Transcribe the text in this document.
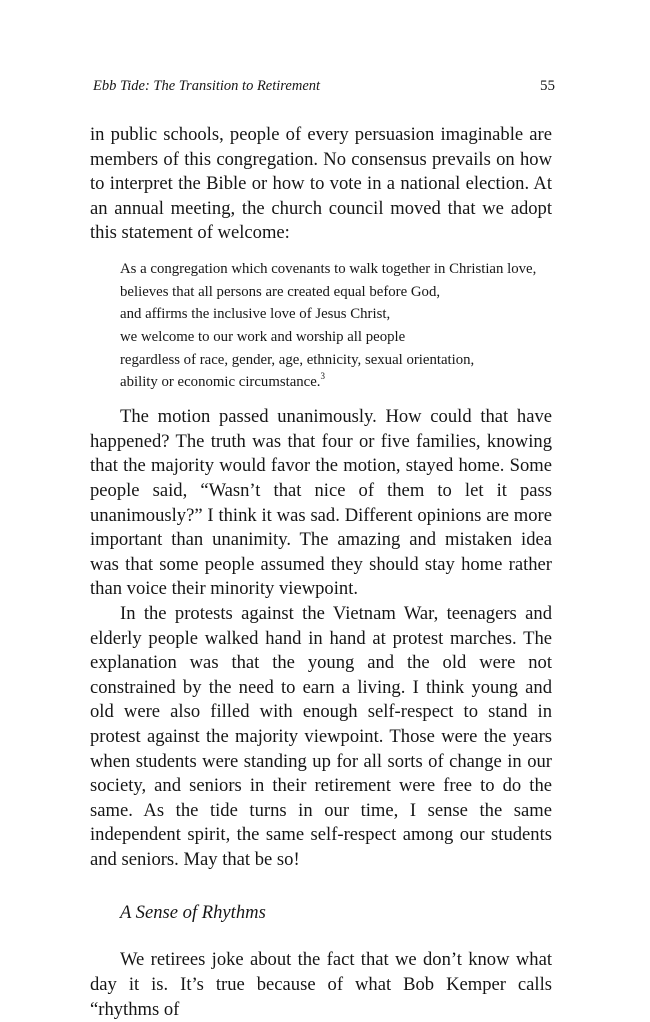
Ebb Tide: The Transition to Retirement	55

in public schools, people of every persuasion imaginable are members of this congregation. No consensus prevails on how to interpret the Bible or how to vote in a national election. At an annual meeting, the church council moved that we adopt this statement of welcome:

As a congregation which covenants to walk together in Christian love,
believes that all persons are created equal before God,
and affirms the inclusive love of Jesus Christ,
we welcome to our work and worship all people
regardless of race, gender, age, ethnicity, sexual orientation,
ability or economic circumstance.$^3$

The motion passed unanimously. How could that have happened? The truth was that four or five families, knowing that the majority would favor the motion, stayed home. Some people said, “Wasn’t that nice of them to let it pass unanimously?” I think it was sad. Different opinions are more important than unanimity. The amazing and mistaken idea was that some people assumed they should stay home rather than voice their minority viewpoint.

In the protests against the Vietnam War, teenagers and elderly people walked hand in hand at protest marches. The explanation was that the young and the old were not constrained by the need to earn a living. I think young and old were also filled with enough self-respect to stand in protest against the majority viewpoint. Those were the years when students were standing up for all sorts of change in our society, and seniors in their retirement were free to do the same. As the tide turns in our time, I sense the same independent spirit, the same self-respect among our students and seniors. May that be so!

A Sense of Rhythms

We retirees joke about the fact that we don’t know what day it is. It’s true because of what Bob Kemper calls “rhythms of
